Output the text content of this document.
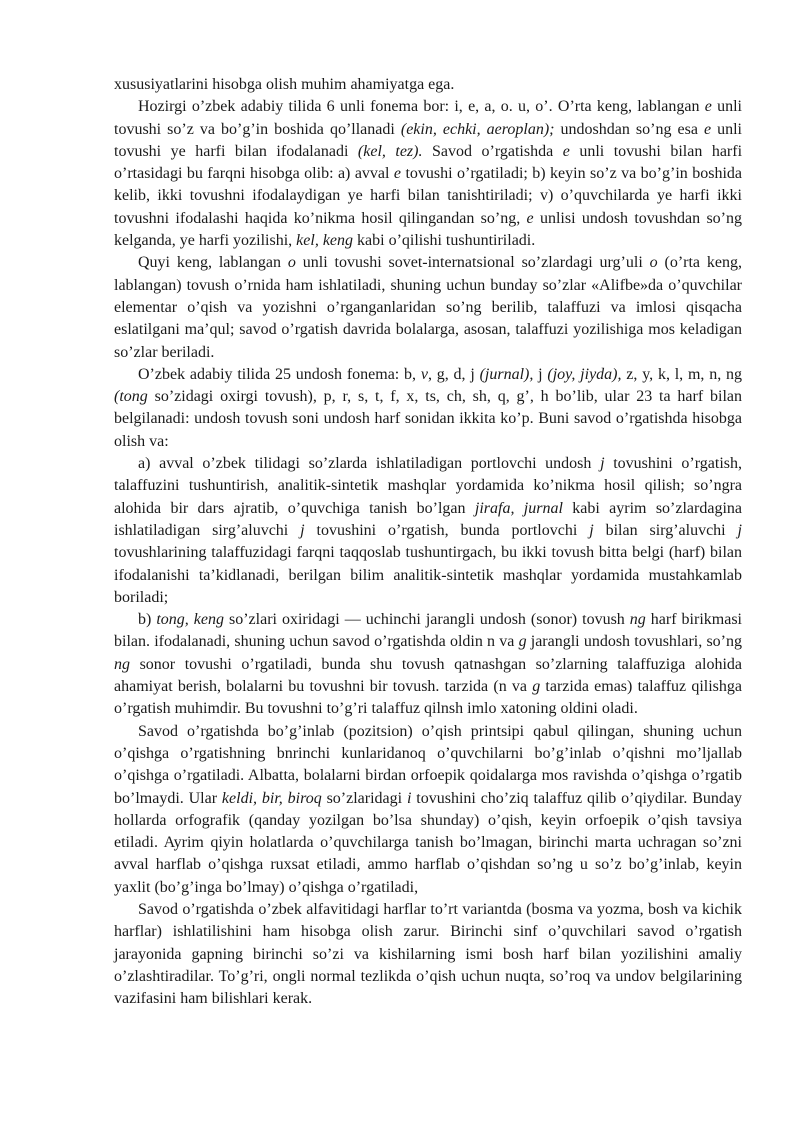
xususiyatlarini hisobga olish muhim ahamiyatga ega.

Hozirgi o’zbek adabiy tilida 6 unli fonema bor: i, e, a, o. u, o’. O’rta keng, lablangan e unli tovushi so’z va bo’g’in boshida qo’llanadi (ekin, echki, aeroplan); undoshdan so’ng esa e unli tovushi ye harfi bilan ifodalanadi (kel, tez). Savod o’rgatishda e unli tovushi bilan harfi o’rtasidagi bu farqni hisobga olib: a) avval e tovushi o’rgatiladi; b) keyin so’z va bo’g’in boshida kelib, ikki tovushni ifodalaydigan ye harfi bilan tanishtiriladi; v) o’quvchilarda ye harfi ikki tovushni ifodalashi haqida ko’nikma hosil qilingandan so’ng, e unlisi undosh tovushdan so’ng kelganda, ye harfi yozilishi, kel, keng kabi o’qilishi tushuntiriladi.

Quyi keng, lablangan o unli tovushi sovet-internatsional so’zlardagi urg’uli o (o’rta keng, lablangan) tovush o’rnida ham ishlatiladi, shuning uchun bunday so’zlar «Alifbe»da o’quvchilar elementar o’qish va yozishni o’rganganlaridan so’ng berilib, talaffuzi va imlosi qisqacha eslatilgani ma’qul; savod o’rgatish davrida bolalarga, asosan, talaffuzi yozilishiga mos keladigan so’zlar beriladi.

O’zbek adabiy tilida 25 undosh fonema: b, v, g, d, j (jurnal), j (joy, jiyda), z, y, k, l, m, n, ng (tong so’zidagi oxirgi tovush), p, r, s, t, f, x, ts, ch, sh, q, g’, h bo’lib, ular 23 ta harf bilan belgilanadi: undosh tovush soni undosh harf sonidan ikkita ko’p. Buni savod o’rgatishda hisobga olish va:

a) avval o’zbek tilidagi so’zlarda ishlatiladigan portlovchi undosh j tovushini o’rgatish, talaffuzini tushuntirish, analitik-sintetik mashqlar yordamida ko’nikma hosil qilish; so’ngra alohida bir dars ajratib, o’quvchiga tanish bo’lgan jirafa, jurnal kabi ayrim so’zlardagina ishlatiladigan sirg’aluvchi j tovushini o’rgatish, bunda portlovchi j bilan sirg’aluvchi j tovushlarining talaffuzidagi farqni taqqoslab tushuntirgach, bu ikki tovush bitta belgi (harf) bilan ifodalanishi ta’kidlanadi, berilgan bilim analitik-sintetik mashqlar yordamida mustahkamlab boriladi;

b) tong, keng so’zlari oxiridagi — uchinchi jarangli undosh (sonor) tovush ng harf birikmasi bilan. ifodalanadi, shuning uchun savod o’rgatishda oldin n va g jarangli undosh tovushlari, so’ng ng sonor tovushi o’rgatiladi, bunda shu tovush qatnashgan so’zlarning talaffuziga alohida ahamiyat berish, bolalarni bu tovushni bir tovush. tarzida (n va g tarzida emas) talaffuz qilishga o’rgatish muhimdir. Bu tovushni to’g’ri talaffuz qilnsh imlo xatoning oldini oladi.

Savod o’rgatishda bo’g’inlab (pozitsion) o’qish printsipi qabul qilingan, shuning uchun o’qishga o’rgatishning bnrinchi kunlaridanoq o’quvchilarni bo’g’inlab o’qishni mo’ljallab o’qishga o’rgatiladi. Albatta, bolalarni birdan orfoepik qoidalarga mos ravishda o’qishga o’rgatib bo’lmaydi. Ular keldi, bir, biroq so’zlaridagi i tovushini cho’ziq talaffuz qilib o’qiydilar. Bunday hollarda orfografik (qanday yozilgan bo’lsa shunday) o’qish, keyin orfoepik o’qish tavsiya etiladi. Ayrim qiyin holatlarda o’quvchilarga tanish bo’lmagan, birinchi marta uchragan so’zni avval harflab o’qishga ruxsat etiladi, ammo harflab o’qishdan so’ng u so’z bo’g’inlab, keyin yaxlit (bo’g’inga bo’lmay) o’qishga o’rgatiladi,

Savod o’rgatishda o’zbek alfavitidagi harflar to’rt variantda (bosma va yozma, bosh va kichik harflar) ishlatilishini ham hisobga olish zarur. Birinchi sinf o’quvchilari savod o’rgatish jarayonida gapning birinchi so’zi va kishilarning ismi bosh harf bilan yozilishini amaliy o’zlashtiradilar. To’g’ri, ongli normal tezlikda o’qish uchun nuqta, so’roq va undov belgilarining vazifasini ham bilishlari kerak.
